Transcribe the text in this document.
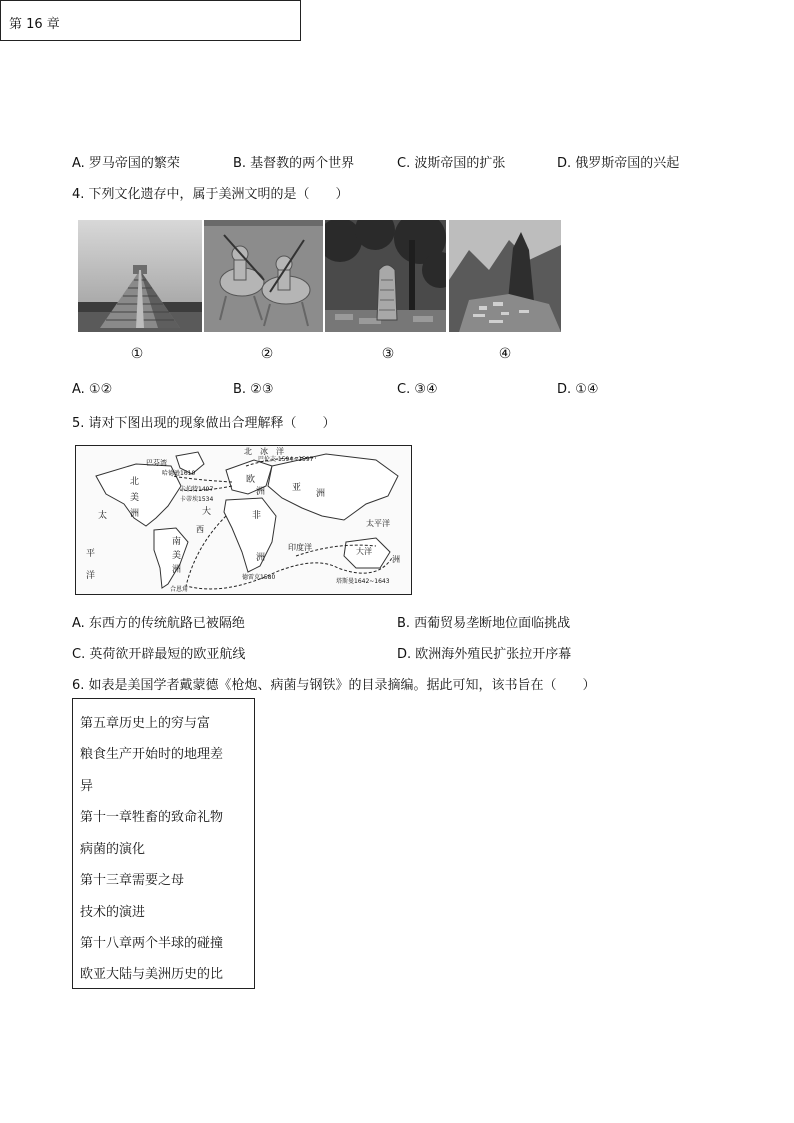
第 16 章
A. 罗马帝国的繁荣	B. 基督教的两个世界	C. 波斯帝国的扩张	D. 俄罗斯帝国的兴起
4. 下列文化遗存中，属于美洲文明的是（　　）
①	②	③	④
A. ①②	B. ②③	C. ③④	D. ①④
5. 请对下图出现的现象做出合理解释（　　）
北　冰　洋
巴芬湾
哈德逊1610
卡伯特1497
卡蒂埃1534
巴伦支 1594~1597
塔斯曼1642~1643
德雷克1580
合恩角
北
美
洲
欧
洲	亚
洲
非
洲
南
美
洲
太平洋
太
平
洋
大
西
印度洋	大洋
洲
A. 东西方的传统航路已被隔绝	B. 西葡贸易垄断地位面临挑战
C. 英荷欲开辟最短的欧亚航线	D. 欧洲海外殖民扩张拉开序幕
6. 如表是美国学者戴蒙德《枪炮、病菌与钢铁》的目录摘编。据此可知，该书旨在（　　）
第五章历史上的穷与富
粮食生产开始时的地理差
异
第十一章牲畜的致命礼物
病菌的演化
第十三章需要之母
技术的演进
第十八章两个半球的碰撞
欧亚大陆与美洲历史的比
